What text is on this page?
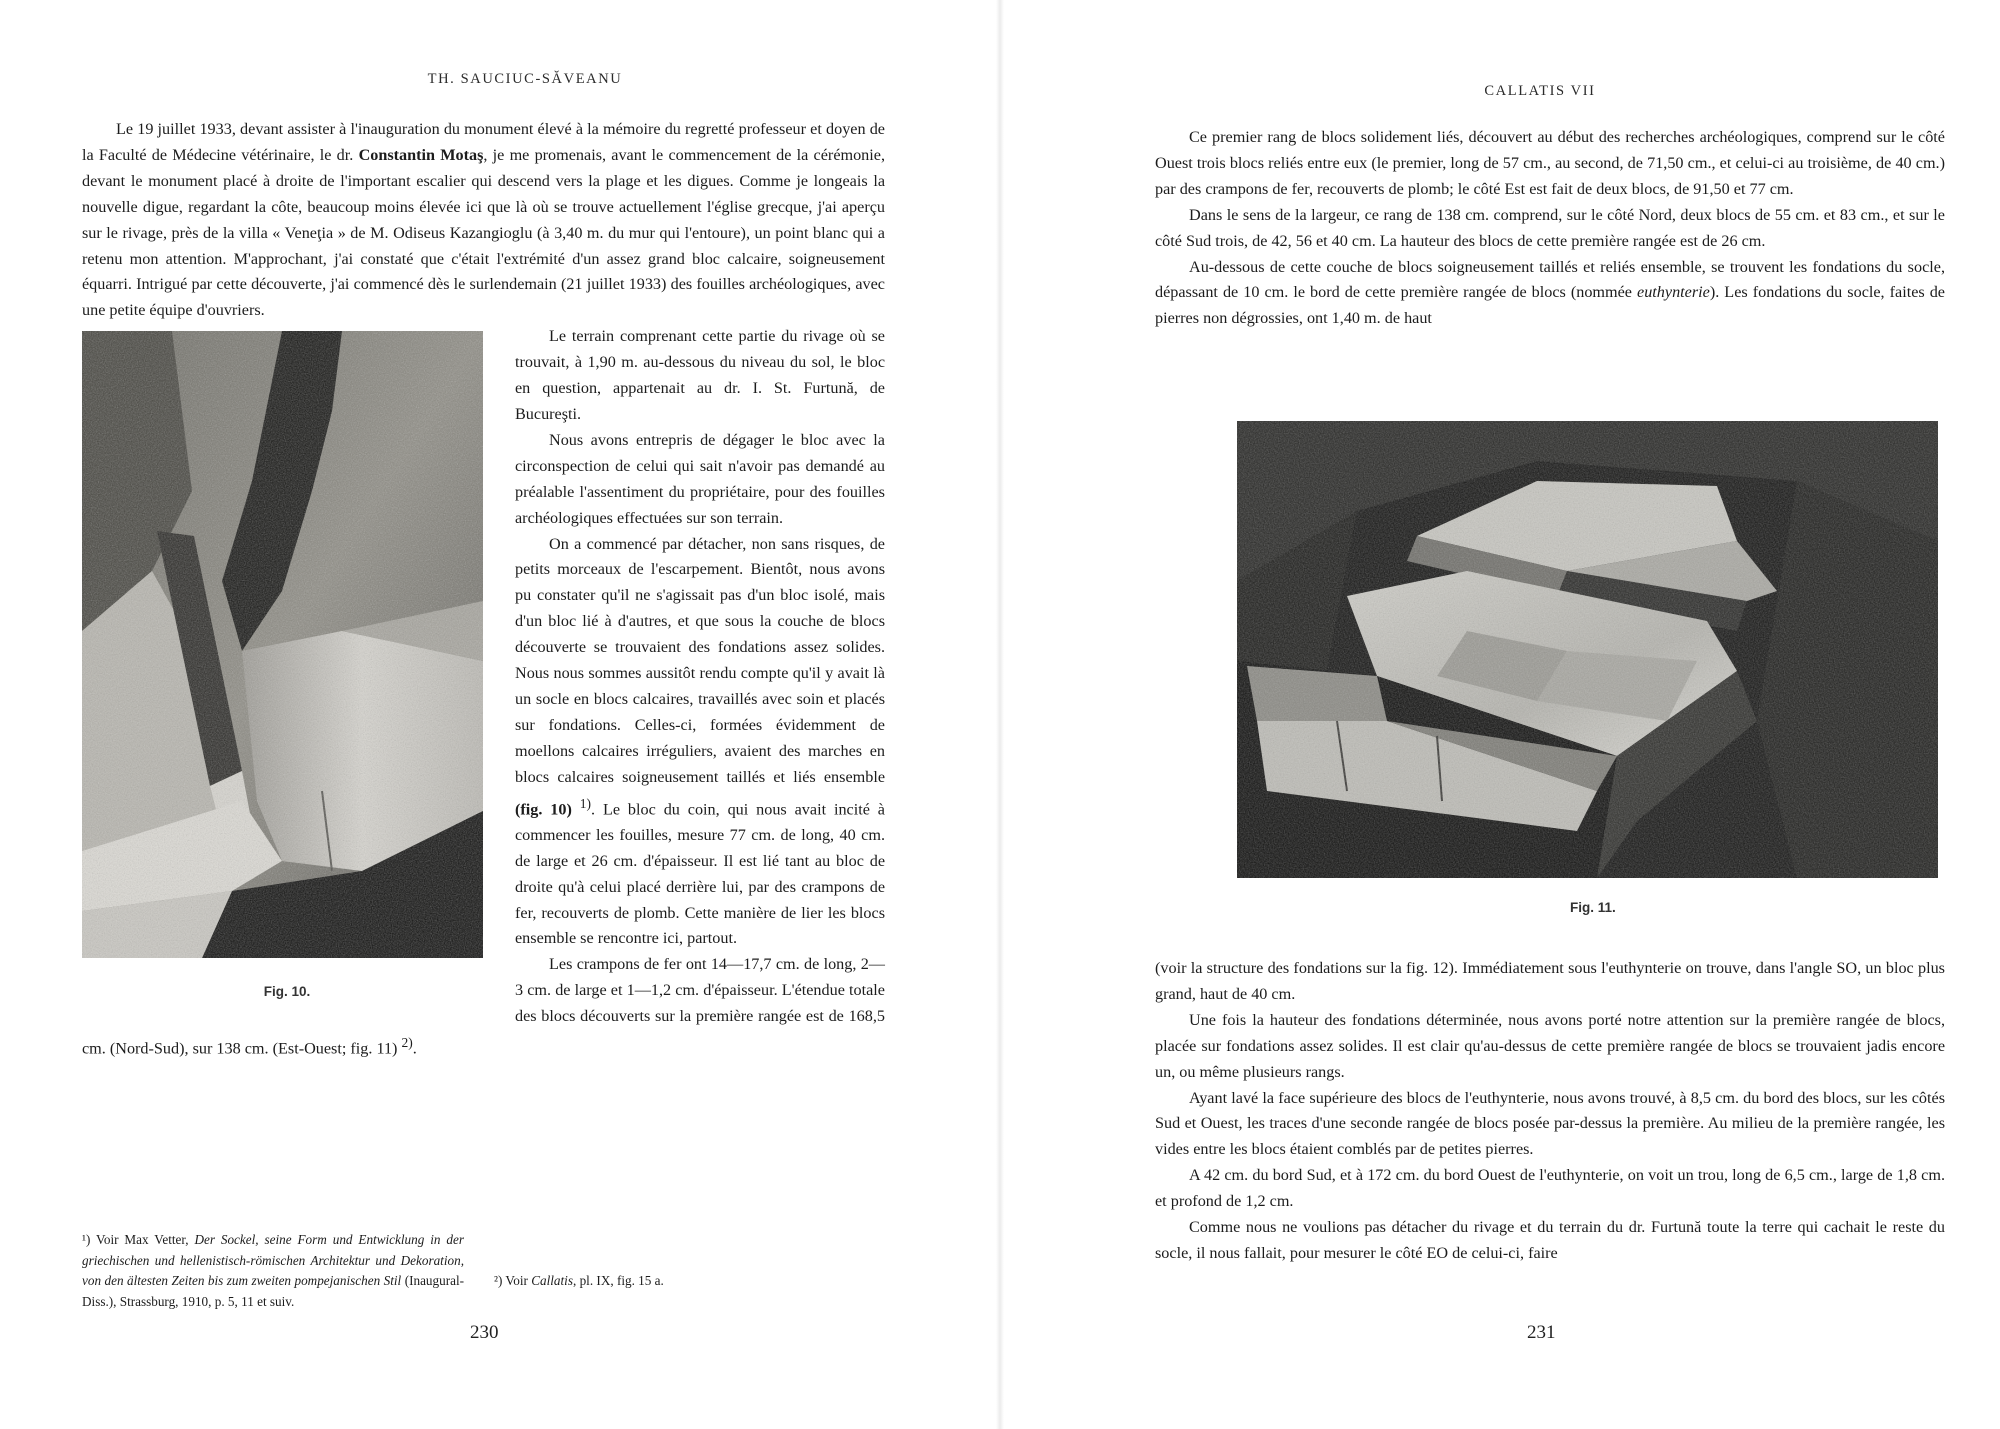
TH. SAUCIUC-SĂVEANU

Le 19 juillet 1933, devant assister à l'inauguration du monument élevé à la mémoire du regretté professeur et doyen de la Faculté de Médecine vétérinaire, le dr. Constantin Motaş, je me promenais, avant le commencement de la cérémonie, devant le monument placé à droite de l'important escalier qui descend vers la plage et les digues. Comme je longeais la nouvelle digue, regardant la côte, beaucoup moins élevée ici que là où se trouve actuellement l'église grecque, j'ai aperçu sur le rivage, près de la villa « Veneţia » de M. Odiseus Kazangioglu (à 3,40 m. du mur qui l'entoure), un point blanc qui a retenu mon attention. M'approchant, j'ai constaté que c'était l'extrémité d'un assez grand bloc calcaire, soigneusement équarri. Intrigué par cette découverte, j'ai commencé dès le surlendemain (21 juillet 1933) des fouilles archéologiques, avec une petite équipe d'ouvriers.

Fig. 10.

Le terrain comprenant cette partie du rivage où se trouvait, à 1,90 m. au-dessous du niveau du sol, le bloc en question, appartenait au dr. I. St. Furtună, de Bucureşti.

Nous avons entrepris de dégager le bloc avec la circonspection de celui qui sait n'avoir pas demandé au préalable l'assentiment du propriétaire, pour des fouilles archéologiques effectuées sur son terrain.

On a commencé par détacher, non sans risques, de petits morceaux de l'escarpement. Bientôt, nous avons pu constater qu'il ne s'agissait pas d'un bloc isolé, mais d'un bloc lié à d'autres, et que sous la couche de blocs découverte se trouvaient des fondations assez solides. Nous nous sommes aussitôt rendu compte qu'il y avait là un socle en blocs calcaires, travaillés avec soin et placés sur fondations. Celles-ci, formées évidemment de moellons calcaires irréguliers, avaient des marches en blocs calcaires soigneusement taillés et liés ensemble (fig. 10) $^{1)}$. Le bloc du coin, qui nous avait incité à commencer les fouilles, mesure 77 cm. de long, 40 cm. de large et 26 cm. d'épaisseur. Il est lié tant au bloc de droite qu'à celui placé derrière lui, par des crampons de fer, recouverts de plomb. Cette manière de lier les blocs ensemble se rencontre ici, partout.

Les crampons de fer ont 14—17,7 cm. de long, 2—3 cm. de large et 1—1,2 cm. d'épaisseur. L'étendue totale des blocs découverts sur la première rangée est de 168,5 cm. (Nord-Sud), sur 138 cm. (Est-Ouest; fig. 11) $^{2)}$.

¹) Voir Max Vetter, Der Sockel, seine Form und Entwicklung in der griechischen und hellenistisch-römischen Architektur und Dekoration, von den ältesten Zeiten bis zum zweiten pompejanischen Stil (Inaugural-Diss.), Strassburg, 1910, p. 5, 11 et suiv.
²) Voir Callatis, pl. IX, fig. 15 a.
230
CALLATIS VII

Ce premier rang de blocs solidement liés, découvert au début des recherches archéologiques, comprend sur le côté Ouest trois blocs reliés entre eux (le premier, long de 57 cm., au second, de 71,50 cm., et celui-ci au troisième, de 40 cm.) par des crampons de fer, recouverts de plomb; le côté Est est fait de deux blocs, de 91,50 et 77 cm.

Dans le sens de la largeur, ce rang de 138 cm. comprend, sur le côté Nord, deux blocs de 55 cm. et 83 cm., et sur le côté Sud trois, de 42, 56 et 40 cm. La hauteur des blocs de cette première rangée est de 26 cm.

Au-dessous de cette couche de blocs soigneusement taillés et reliés ensemble, se trouvent les fondations du socle, dépassant de 10 cm. le bord de cette première rangée de blocs (nommée euthynterie). Les fondations du socle, faites de pierres non dégrossies, ont 1,40 m. de haut

Fig. 11.

(voir la structure des fondations sur la fig. 12). Immédiatement sous l'euthynterie on trouve, dans l'angle SO, un bloc plus grand, haut de 40 cm.

Une fois la hauteur des fondations déterminée, nous avons porté notre attention sur la première rangée de blocs, placée sur fondations assez solides. Il est clair qu'au-dessus de cette première rangée de blocs se trouvaient jadis encore un, ou même plusieurs rangs.

Ayant lavé la face supérieure des blocs de l'euthynterie, nous avons trouvé, à 8,5 cm. du bord des blocs, sur les côtés Sud et Ouest, les traces d'une seconde rangée de blocs posée par-dessus la première. Au milieu de la première rangée, les vides entre les blocs étaient comblés par de petites pierres.

A 42 cm. du bord Sud, et à 172 cm. du bord Ouest de l'euthynterie, on voit un trou, long de 6,5 cm., large de 1,8 cm. et profond de 1,2 cm.

Comme nous ne voulions pas détacher du rivage et du terrain du dr. Furtună toute la terre qui cachait le reste du socle, il nous fallait, pour mesurer le côté EO de celui-ci, faire

231
